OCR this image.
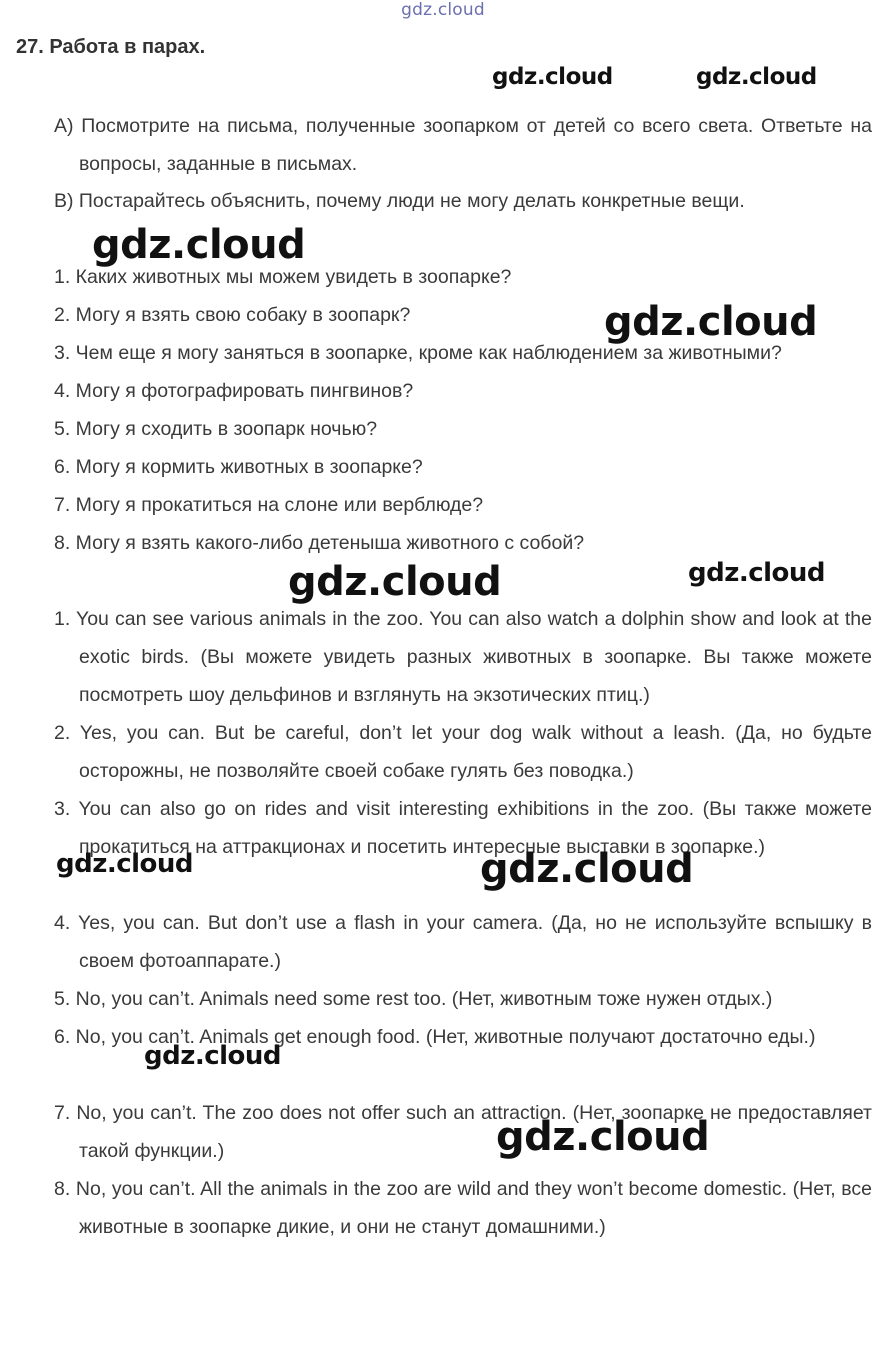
gdz.cloud
27. Работа в парах.
А) Посмотрите на письма, полученные зоопарком от детей со всего света. Ответьте на вопросы, заданные в письмах.
В) Постарайтесь объяснить, почему люди не могу делать конкретные вещи.
1. Каких животных мы можем увидеть в зоопарке?
2. Могу я взять свою собаку в зоопарк?
3. Чем еще я могу заняться в зоопарке, кроме как наблюдением за животными?
4. Могу я фотографировать пингвинов?
5. Могу я сходить в зоопарк ночью?
6. Могу я кормить животных в зоопарке?
7. Могу я прокатиться на слоне или верблюде?
8. Могу я взять какого-либо детеныша животного с собой?
1. You can see various animals in the zoo. You can also watch a dolphin show and look at the exotic birds. (Вы можете увидеть разных животных в зоопарке. Вы также можете посмотреть шоу дельфинов и взглянуть на экзотических птиц.)
2. Yes, you can. But be careful, don’t let your dog walk without a leash. (Да, но будьте осторожны, не позволяйте своей собаке гулять без поводка.)
3. You can also go on rides and visit interesting exhibitions in the zoo. (Вы также можете прокатиться на аттракционах и посетить интересные выставки в зоопарке.)
4. Yes, you can. But don’t use a flash in your camera. (Да, но не используйте вспышку в своем фотоаппарате.)
5. No, you can’t. Animals need some rest too. (Нет, животным тоже нужен отдых.)
6. No, you can’t. Animals get enough food. (Нет, животные получают достаточно еды.)
7. No, you can’t. The zoo does not offer such an attraction. (Нет, зоопарке не предоставляет такой функции.)
8. No, you can’t. All the animals in the zoo are wild and they won’t become domestic. (Нет, все животные в зоопарке дикие, и они не станут домашними.)
gdz.cloud	gdz.cloud
gdz.cloud
gdz.cloud
gdz.cloud	gdz.cloud
gdz.cloud	gdz.cloud
gdz.cloud
gdz.cloud
